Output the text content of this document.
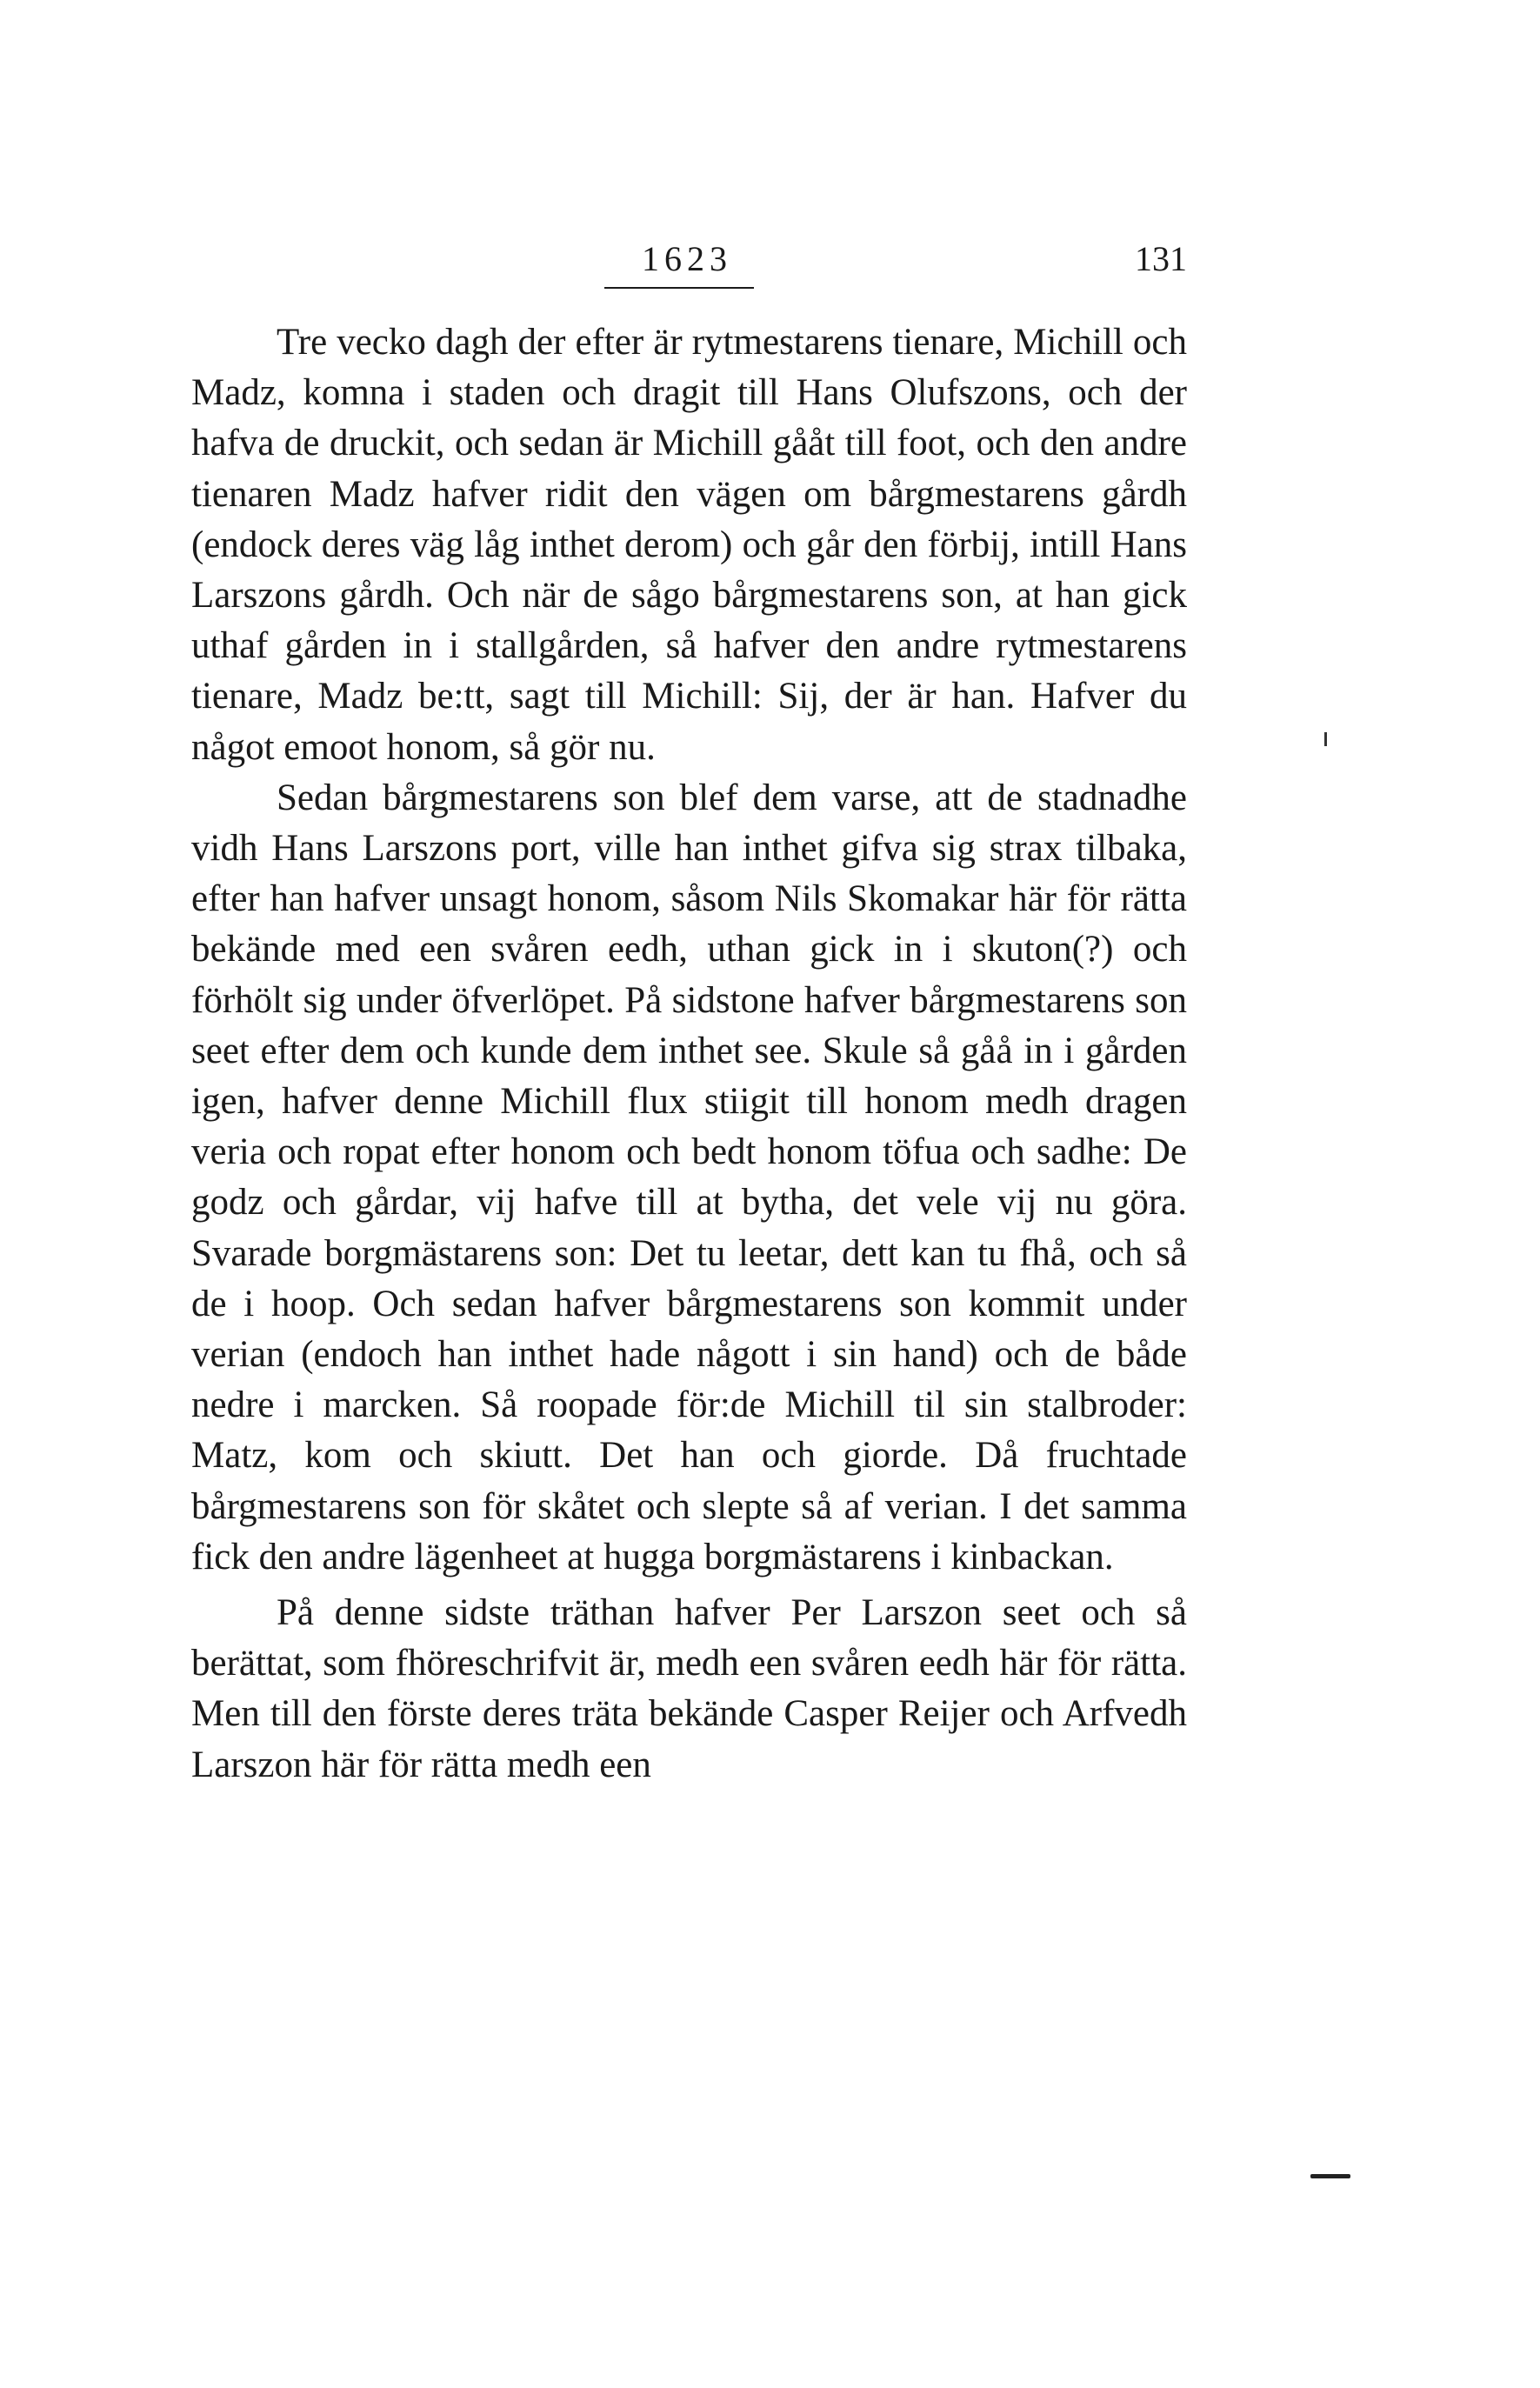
1623	131

Tre vecko dagh der efter är rytmestarens tienare, Michill och Madz, komna i staden och dragit till Hans Olufszons, och der hafva de druckit, och sedan är Michill gååt till foot, och den andre tienaren Madz hafver ridit den vägen om bårgmestarens gårdh (endock deres väg låg inthet derom) och går den förbij, intill Hans Larszons gårdh. Och när de sågo bårgmestarens son, at han gick uthaf gården in i stallgården, så hafver den andre rytmestarens tienare, Madz be:tt, sagt till Michill: Sij, der är han. Hafver du något emoot honom, så gör nu.

Sedan bårgmestarens son blef dem varse, att de stadnadhe vidh Hans Larszons port, ville han inthet gifva sig strax tilbaka, efter han hafver unsagt honom, såsom Nils Skomakar här för rätta bekände med een svåren eedh, uthan gick in i skuton(?) och förhölt sig under öfverlöpet. På sidstone hafver bårgmestarens son seet efter dem och kunde dem inthet see. Skule så gåå in i gården igen, hafver denne Michill flux stiigit till honom medh dragen veria och ropat efter honom och bedt honom töfua och sadhe: De godz och gårdar, vij hafve till at bytha, det vele vij nu göra. Svarade borgmästarens son: Det tu leetar, dett kan tu fhå, och så de i hoop. Och sedan hafver bårgmestarens son kommit under verian (endoch han inthet hade någott i sin hand) och de både nedre i marcken. Så roopade för:de Michill til sin stalbroder: Matz, kom och skiutt. Det han och giorde. Då fruchtade bårgmestarens son för skåtet och slepte så af verian. I det samma fick den andre lägenheet at hugga borgmästarens i kinbackan.

På denne sidste träthan hafver Per Larszon seet och så berättat, som fhöreschrifvit är, medh een svåren eedh här för rätta. Men till den förste deres träta bekände Casper Reijer och Arfvedh Larszon här för rätta medh een
